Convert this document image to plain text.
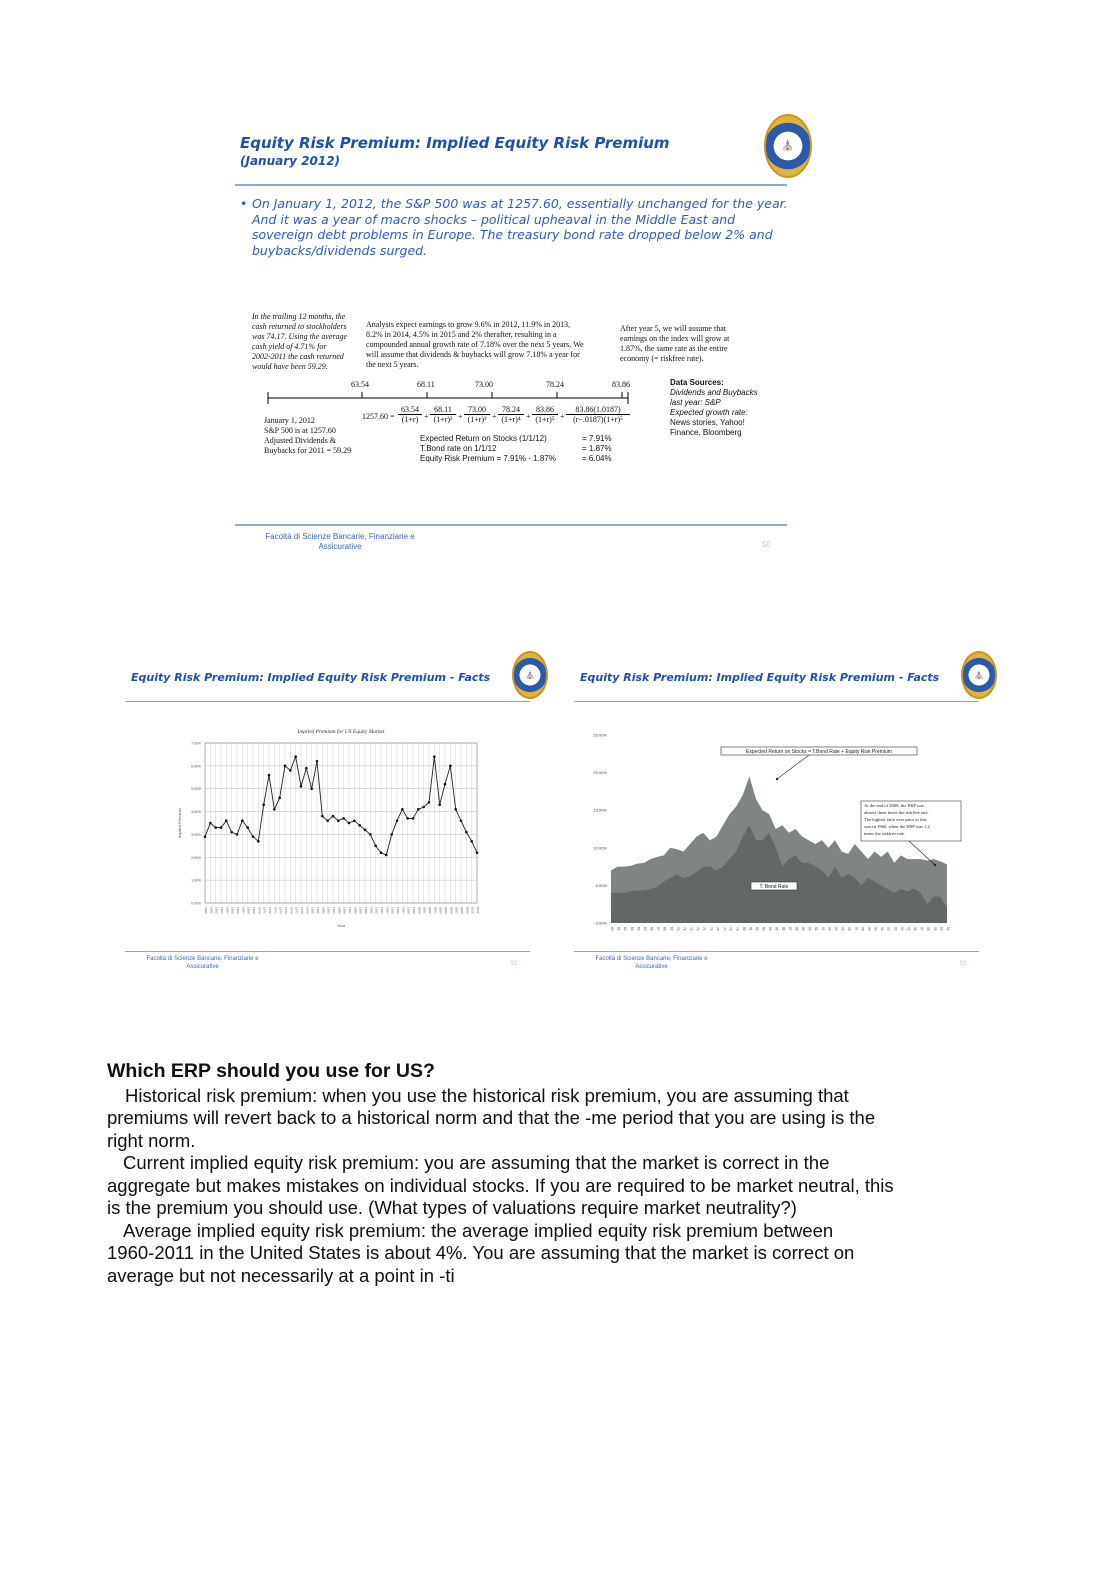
Equity Risk Premium: Implied Equity Risk Premium
(January 2012)
⛪
• On January 1, 2012, the S&P 500 was at 1257.60, essentially unchanged for the year.
And it was a year of macro shocks – political upheaval in the Middle East and
sovereign debt problems in Europe. The treasury bond rate dropped below 2% and
buybacks/dividends surged.
In the trailing 12 months, the
cash returned to stockholders
was 74.17. Using the average
cash yield of 4.71% for
2002-2011 the cash returned
would have been 59.29.
Analysts expect earnings to grow 9.6% in 2012, 11.9% in 2013,
8.2% in 2014, 4.5% in 2015 and 2% therafter, resulting in a
compounded annual growth rate of 7.18% over the next 5 years. We
will assume that dividends & buybacks will grow 7.18% a year for
the next 5 years.
After year 5, we will assume that
earnings on the index will grow at
1.87%, the same rate as the entire
economy (= riskfree rate).
63.54	68.11	73.00	78.24	83.86
January 1, 2012
S&P 500 is at 1257.60
Adjusted Dividends &
Buybacks for 2011 = 59.29
1257.60 =
63.54
(1+r) +
68.11
(1+r)² +
73.00
(1+r)³ +
78.24
(1+r)⁴ +
83.86
(1+r)⁵ +
83.86(1.0187)
(r−.0187)(1+r)⁵
Expected Return on Stocks (1/1/12)	= 7.91%
T.Bond rate on 1/1/12	= 1.87%
Equity Risk Premium = 7.91% - 1.87%	= 6.04%
Data Sources:
Dividends and Buybacks
last year: S&P
Expected growth rate:
News stories, Yahoo!
Finance, Bloomberg
Facoltà di Scienze Bancarie, Finanziarie e
Assicurative	50
Equity Risk Premium: Implied Equity Risk Premium - Facts	⛪
Implied Premium for US Equity Market
1960 1961 1962 1963 1964 1965 1966 1967 1968 1969 1970 1971 1972 1973 1974 1975 1976 1977 1978 1979 1980 1981 1982 1983 1984 1985 1986 1987 1988 1989 1990 1991 1992 1993 1994 1995 1996 1997 1998 1999 2000 2001 2002 2003 2004 2005 2006 2007 2008 2009 2010 2011
0.00%
1.00%
2.00%
3.00%
4.00%
5.00%
6.00%
7.00%
Implied Premium
Year
Facoltà di Scienze Bancarie, Finanziarie e
Assicurative	51
Equity Risk Premium: Implied Equity Risk Premium - Facts	⛪
0.00%
5.00%
10.00%
15.00%
20.00%
25.00%
60 61 62 63 64 65 66 67 68 69 70 71 72 73 74 75 76 77 78 79 80 81 82 83 84 85 86 87 88 89 90 91 92 93 94 95 96 97 98 99 00 01 02 03 04 05 06 07 08 09 10 11
Expected Return on Stocks = T.Bond Rate + Equity Risk Premium
T. Bond Rate
At the end of 2008, the ERP was almost three times the riskfree rate. The highest ratio ever prior to this was in 1960, when the ERP was 1.2 times the riskfree rate.
Facoltà di Scienze Bancarie, Finanziarie e
Assicurative	52
Which ERP should you use for US?

Historical risk premium: when you use the historical risk premium, you are assuming that
premiums will revert back to a historical norm and that the -me period that you are using is the
right norm.

Current implied equity risk premium: you are assuming that the market is correct in the
aggregate but makes mistakes on individual stocks. If you are required to be market neutral, this
is the premium you should use. (What types of valuations require market neutrality?)

Average implied equity risk premium: the average implied equity risk premium between
1960-2011 in the United States is about 4%. You are assuming that the market is correct on
average but not necessarily at a point in -ti
